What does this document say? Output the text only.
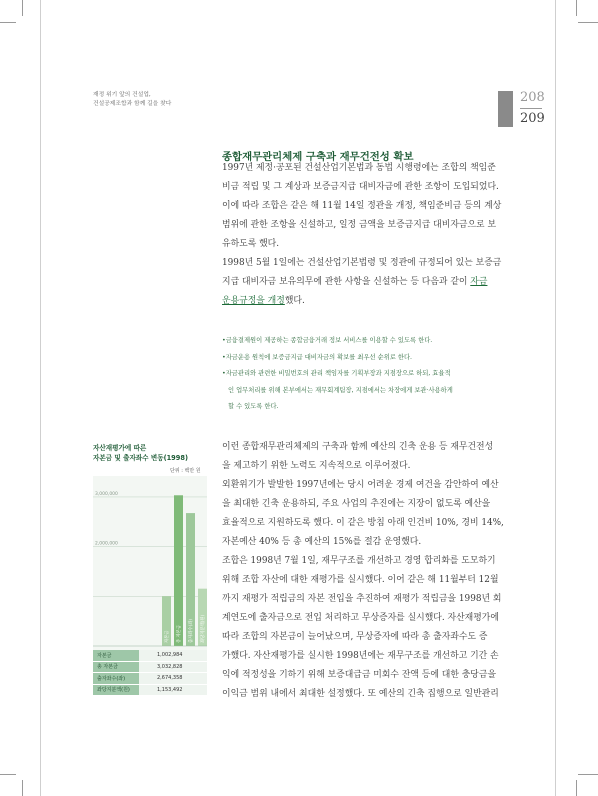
재정 위기 앞의 건설업,
건설공제조합과 함께 길을 찾다	208
209
종합재무관리체제 구축과 재무건전성 확보
1997년 제정·공포된 건설산업기본법과 동법 시행령에는 조합의 책임준
비금 적립 및 그 계상과 보증금지급 대비자금에 관한 조항이 도입되었다.
이에 따라 조합은 같은 해 11월 14일 정관을 개정, 책임준비금 등의 계상
범위에 관한 조항을 신설하고, 일정 금액을 보증금지급 대비자금으로 보
유하도록 했다.
1998년 5월 1일에는 건설산업기본법령 및 정관에 규정되어 있는 보증금
지급 대비자금 보유의무에 관한 사항을 신설하는 등 다음과 같이 자금
운용규정을 개정했다.
•금융결제원이 제공하는 종합금융거래 정보 서비스를 이용할 수 있도록 한다.
•자금운용 원칙에 보증금지급 대비자금의 확보를 최우선 순위로 한다.
•자금관리와 관련한 비밀번호의 관리 책임자를 기획부장과 지점장으로 하되, 효율적
인 업무처리를 위해 본부에서는 재무회계팀장, 지점에서는 차장에게 보관·사용하게
할 수 있도록 한다.
이런 종합재무관리체제의 구축과 함께 예산의 긴축 운용 등 재무건전성
을 제고하기 위한 노력도 지속적으로 이루어졌다.
외환위기가 발발한 1997년에는 당시 어려운 경제 여건을 감안하여 예산
을 최대한 긴축 운용하되, 주요 사업의 추진에는 지장이 없도록 예산을
효율적으로 지원하도록 했다. 이 같은 방침 아래 인건비 10%, 경비 14%,
자본예산 40% 등 총 예산의 15%를 절감 운영했다.
조합은 1998년 7월 1일, 재무구조를 개선하고 경영 합리화를 도모하기
위해 조합 자산에 대한 재평가를 실시했다. 이어 같은 해 11월부터 12월
까지 재평가 적립금의 자본 전입을 추진하여 재평가 적립금을 1998년 회
계연도에 출자금으로 전입 처리하고 무상증자를 실시했다. 자산재평가에
따라 조합의 자본금이 늘어났으며, 무상증자에 따라 총 출자좌수도 증
가했다. 자산재평가를 실시한 1998년에는 재무구조를 개선하고 기간 손
익에 적정성을 기하기 위해 보증대급금 미회수 잔액 등에 대한 충당금을
이익금 범위 내에서 최대한 설정했다. 또 예산의 긴축 집행으로 일반관리
자산재평가에 따른
자본금 및 출자좌수 변동(1998)
단위 : 백만 원
2,000,000
3,000,000
자본금	총 자본금	출자좌수(좌)	좌당지분액(원)
자본금	1,002,984
총 자본금	3,032,828
출자좌수(좌)	2,674,358
좌당지분액(원)	1,153,492
